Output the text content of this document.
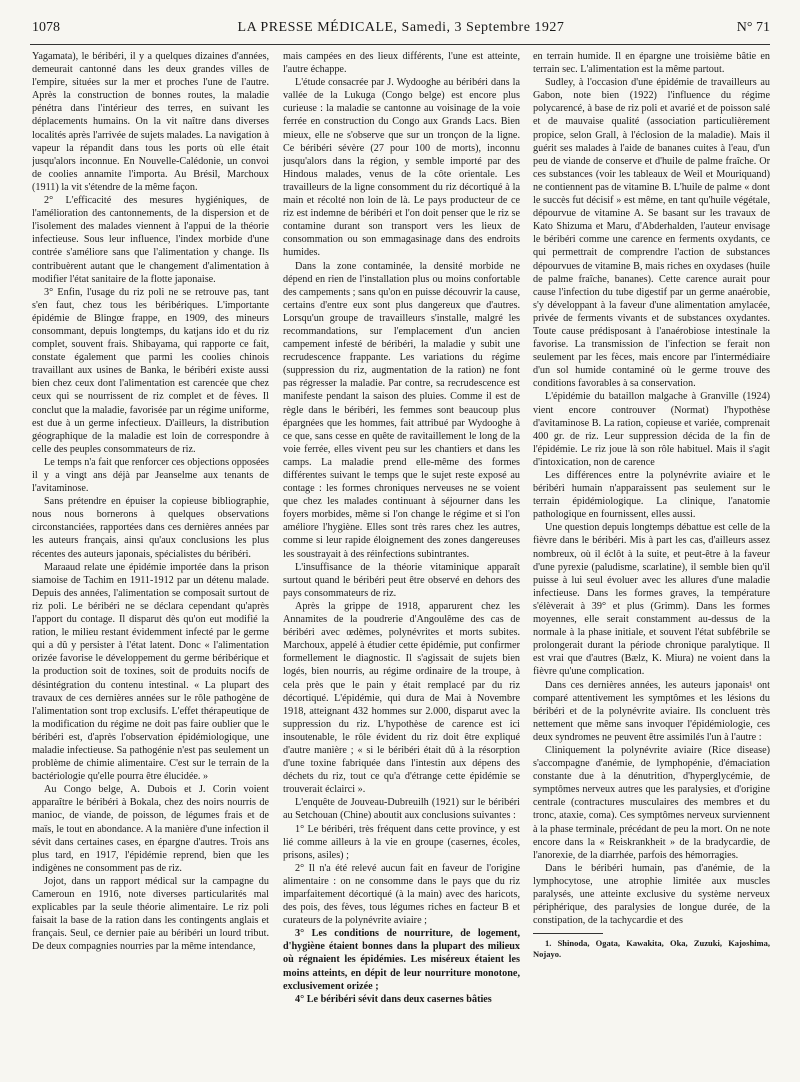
1078	LA PRESSE MÉDICALE, Samedi, 3 Septembre 1927	N° 71

Yagamata), le béribéri, il y a quelques dizaines d'années, demeurait cantonné dans les deux grandes villes de l'empire, situées sur la mer et proches l'une de l'autre. Après la construction de bonnes routes, la maladie pénétra dans l'intérieur des terres, en suivant les déplacements humains. On la vit naître dans diverses localités après l'arrivée de sujets malades. La navigation à vapeur la répandit dans tous les ports où elle était jusqu'alors inconnue. En Nouvelle-Calédonie, un convoi de coolies annamite l'importa. Au Brésil, Marchoux (1911) la vit s'étendre de la même façon.

2° L'efficacité des mesures hygiéniques, de l'amélioration des cantonnements, de la dispersion et de l'isolement des malades viennent à l'appui de la théorie infectieuse. Sous leur influence, l'index morbide d'une contrée s'améliore sans que l'alimentation y change. Ils contribuèrent autant que le changement d'alimentation à modifier l'état sanitaire de la flotte japonaise.

3° Enfin, l'usage du riz poli ne se retrouve pas, tant s'en faut, chez tous les béribériques. L'importante épidémie de Blingœ frappe, en 1909, des mineurs consommant, depuis longtemps, du katjans ido et du riz complet, souvent frais. Shibayama, qui rapporte ce fait, constate également que parmi les coolies chinois travaillant aux usines de Banka, le béribéri existe aussi bien chez ceux dont l'alimentation est carencée que chez ceux qui se nourrissent de riz complet et de fèves. Il conclut que la maladie, favorisée par un régime uniforme, est due à un germe infectieux. D'ailleurs, la distribution géographique de la maladie est loin de correspondre à celle des peuples consommateurs de riz.

Le temps n'a fait que renforcer ces objections opposées il y a vingt ans déjà par Jeanselme aux tenants de l'avitaminose.

Sans prétendre en épuiser la copieuse bibliographie, nous nous bornerons à quelques observations circonstanciées, rapportées dans ces dernières années par les auteurs français, ainsi qu'aux conclusions les plus récentes des auteurs japonais, spécialistes du béribéri.

Maraaud relate une épidémie importée dans la prison siamoise de Tachim en 1911-1912 par un détenu malade. Depuis des années, l'alimentation se composait surtout de riz poli. Le béribéri ne se déclara cependant qu'après l'apport du contage. Il disparut dès qu'on eut modifié la ration, le milieu restant évidemment infecté par le germe qui a dû y persister à l'état latent. Donc « l'alimentation orizée favorise le développement du germe béribérique et la production soit de toxines, soit de produits nocifs de désintégration du contenu intestinal. « La plupart des travaux de ces dernières années sur le rôle pathogène de l'alimentation sont trop exclusifs. L'effet thérapeutique de la modification du régime ne doit pas faire oublier que le béribéri est, d'après l'observation épidémiologique, une maladie infectieuse. Sa pathogénie n'est pas seulement un problème de chimie alimentaire. C'est sur le terrain de la bactériologie qu'elle pourra être élucidée. »

Au Congo belge, A. Dubois et J. Corin voient apparaître le béribéri à Bokala, chez des noirs nourris de manioc, de viande, de poisson, de légumes frais et de maïs, le tout en abondance. A la manière d'une infection il sévit dans certaines cases, en épargne d'autres. Trois ans plus tard, en 1917, l'épidémie reprend, bien que les indigènes ne consomment pas de riz.

Jojot, dans un rapport médical sur la campagne du Cameroun en 1916, note diverses particularités mal explicables par la seule théorie alimentaire. Le riz poli faisait la base de la ration dans les contingents anglais et français. Seul, ce dernier paie au béribéri un lourd tribut. De deux compagnies nourries par la même intendance,

mais campées en des lieux différents, l'une est atteinte, l'autre échappe.

L'étude consacrée par J. Wydooghe au béribéri dans la vallée de la Lukuga (Congo belge) est encore plus curieuse : la maladie se cantonne au voisinage de la voie ferrée en construction du Congo aux Grands Lacs. Bien mieux, elle ne s'observe que sur un tronçon de la ligne. Ce béribéri sévère (27 pour 100 de morts), inconnu jusqu'alors dans la région, y semble importé par des Hindous malades, venus de la côte orientale. Les travailleurs de la ligne consomment du riz décortiqué à la main et récolté non loin de là. Le pays producteur de ce riz est indemne de béribéri et l'on doit penser que le riz se contamine durant son transport vers les lieux de consommation ou son emmagasinage dans des endroits humides.

Dans la zone contaminée, la densité morbide ne dépend en rien de l'installation plus ou moins confortable des campements ; sans qu'on en puisse découvrir la cause, certains d'entre eux sont plus dangereux que d'autres. Lorsqu'un groupe de travailleurs s'installe, malgré les recommandations, sur l'emplacement d'un ancien campement infesté de béribéri, la maladie y subit une recrudescence frappante. Les variations du régime (suppression du riz, augmentation de la ration) ne font pas régresser la maladie. Par contre, sa recrudescence est manifeste pendant la saison des pluies. Comme il est de règle dans le béribéri, les femmes sont beaucoup plus épargnées que les hommes, fait attribué par Wydooghe à ce que, sans cesse en quête de ravitaillement le long de la voie ferrée, elles vivent peu sur les chantiers et dans les camps. La maladie prend elle-même des formes différentes suivant le temps que le sujet reste exposé au contage : les formes chroniques nerveuses ne se voient que chez les malades continuant à séjourner dans les foyers morbides, même si l'on change le régime et si l'on améliore l'hygiène. Elles sont très rares chez les autres, comme si leur rapide éloignement des zones dangereuses les soustrayait à des réinfections subintrantes.

L'insuffisance de la théorie vitaminique apparaît surtout quand le béribéri peut être observé en dehors des pays consommateurs de riz.

Après la grippe de 1918, apparurent chez les Annamites de la poudrerie d'Angoulême des cas de béribéri avec œdèmes, polynévrites et morts subites. Marchoux, appelé à étudier cette épidémie, put confirmer formellement le diagnostic. Il s'agissait de sujets bien logés, bien nourris, au régime ordinaire de la troupe, à cela près que le pain y était remplacé par du riz décortiqué. L'épidémie, qui dura de Mai à Novembre 1918, atteignant 432 hommes sur 2.000, disparut avec la suppression du riz. L'hypothèse de carence est ici insoutenable, le rôle évident du riz doit être expliqué d'autre manière ; « si le béribéri était dû à la résorption d'une toxine fabriquée dans l'intestin aux dépens des déchets du riz, tout ce qu'a d'étrange cette épidémie se trouverait éclairci ».

L'enquête de Jouveau-Dubreuilh (1921) sur le béribéri au Setchouan (Chine) aboutit aux conclusions suivantes :

1° Le béribéri, très fréquent dans cette province, y est lié comme ailleurs à la vie en groupe (casernes, écoles, prisons, asiles) ;

2° Il n'a été relevé aucun fait en faveur de l'origine alimentaire : on ne consomme dans le pays que du riz imparfaitement décortiqué (à la main) avec des haricots, des pois, des fèves, tous légumes riches en facteur B et curateurs de la polynévrite aviaire ;

3° Les conditions de nourriture, de logement, d'hygiène étaient bonnes dans la plupart des milieux où régnaient les épidémies. Les miséreux étaient les moins atteints, en dépit de leur nourriture monotone, exclusivement orizée ;

4° Le béribéri sévit dans deux casernes bâties

en terrain humide. Il en épargne une troisième bâtie en terrain sec. L'alimentation est la même partout.

Sudley, à l'occasion d'une épidémie de travailleurs au Gabon, note bien (1922) l'influence du régime polycarencé, à base de riz poli et avarié et de poisson salé et de mauvaise qualité (association particulièrement propice, selon Grall, à l'éclosion de la maladie). Mais il guérit ses malades à l'aide de bananes cuites à l'eau, d'un peu de viande de conserve et d'huile de palme fraîche. Or ces substances (voir les tableaux de Weil et Mouriquand) ne contiennent pas de vitamine B. L'huile de palme « dont le succès fut décisif » est même, en tant qu'huile végétale, dépourvue de vitamine A. Se basant sur les travaux de Kato Shizuma et Maru, d'Abderhalden, l'auteur envisage le béribéri comme une carence en ferments oxydants, ce qui permettrait de comprendre l'action de substances dépourvues de vitamine B, mais riches en oxydases (huile de palme fraîche, bananes). Cette carence aurait pour cause l'infection du tube digestif par un germe anaérobie, s'y développant à la faveur d'une alimentation amylacée, privée de ferments vivants et de substances oxydantes. Toute cause prédisposant à l'anaérobiose intestinale la favorise. La transmission de l'infection se ferait non seulement par les fèces, mais encore par l'intermédiaire d'un sol humide contaminé où le germe trouve des conditions favorables à sa conservation.

L'épidémie du bataillon malgache à Granville (1924) vient encore controuver (Normat) l'hypothèse d'avitaminose B. La ration, copieuse et variée, comprenait 400 gr. de riz. Leur suppression décida de la fin de l'épidémie. Le riz joue là son rôle habituel. Mais il s'agit d'intoxication, non de carence

Les différences entre la polynévrite aviaire et le béribéri humain n'apparaissent pas seulement sur le terrain épidémiologique. La clinique, l'anatomie pathologique en fournissent, elles aussi.

Une question depuis longtemps débattue est celle de la fièvre dans le béribéri. Mis à part les cas, d'ailleurs assez nombreux, où il éclôt à la suite, et peut-être à la faveur d'une pyrexie (paludisme, scarlatine), il semble bien qu'il puisse à lui seul évoluer avec les allures d'une maladie infectieuse. Dans les formes graves, la température s'élèverait à 39° et plus (Grimm). Dans les formes moyennes, elle serait constamment au-dessus de la normale à la phase initiale, et souvent l'état subfébrile se prolongerait durant la période chronique paralytique. Il est vrai que d'autres (Bælz, K. Miura) ne voient dans la fièvre qu'une complication.

Dans ces dernières années, les auteurs japonais¹ ont comparé attentivement les symptômes et les lésions du béribéri et de la polynévrite aviaire. Ils concluent très nettement que même sans invoquer l'épidémiologie, ces deux syndromes ne peuvent être assimilés l'un à l'autre :

Cliniquement la polynévrite aviaire (Rice disease) s'accompagne d'anémie, de lymphopénie, d'émaciation constante due à la dénutrition, d'hyperglycémie, de symptômes nerveux autres que les paralysies, et d'origine centrale (contractures musculaires des membres et du tronc, ataxie, coma). Ces symptômes nerveux surviennent à la phase terminale, précédant de peu la mort. On ne note encore dans la « Reiskrankheit » de la bradycardie, de l'anorexie, de la diarrhée, parfois des hémorragies.

Dans le béribéri humain, pas d'anémie, de la lymphocytose, une atrophie limitée aux muscles paralysés, une atteinte exclusive du système nerveux périphérique, des paralysies de longue durée, de la constipation, de la tachycardie et des

1. Shinoda, Ogata, Kawakita, Oka, Zuzuki, Kajoshima, Nojayo.
